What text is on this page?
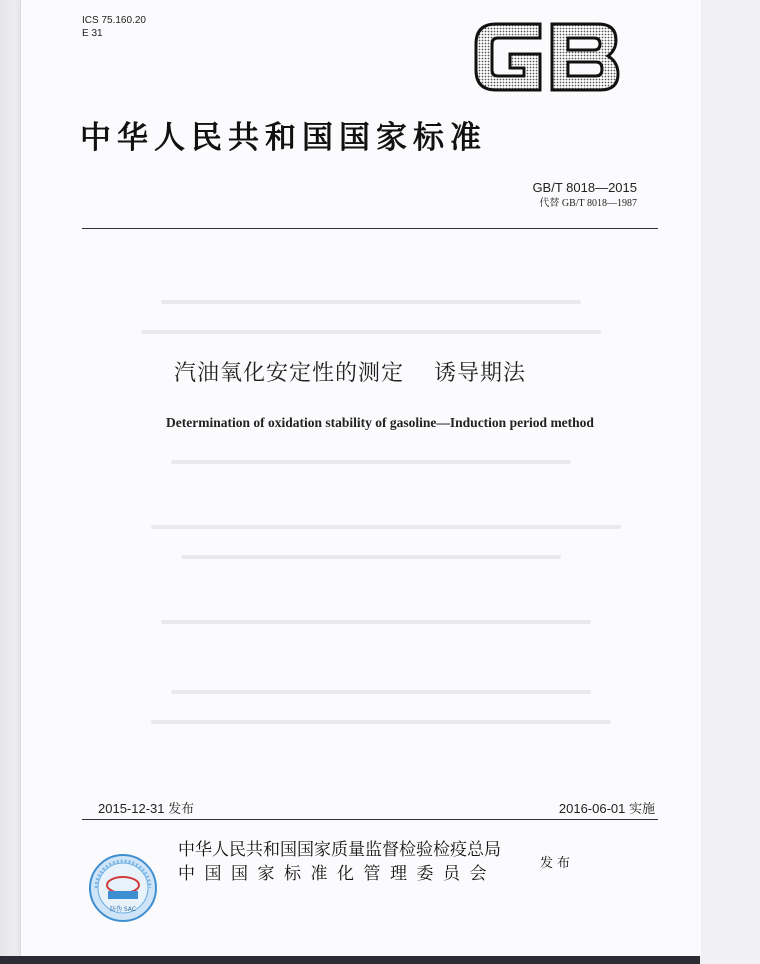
ICS 75.160.20
E 31
中华人民共和国国家标准
GB/T 8018—2015
代替 GB/T 8018—1987
汽油氧化安定性的测定 诱导期法
Determination of oxidation stability of gasoline—Induction period method
2015-12-31 发布	2016-06-01 实施
防伪 SAC
中华人民共和国国家质量监督检验检疫总局
中国国家标准化管理委员会
发布
